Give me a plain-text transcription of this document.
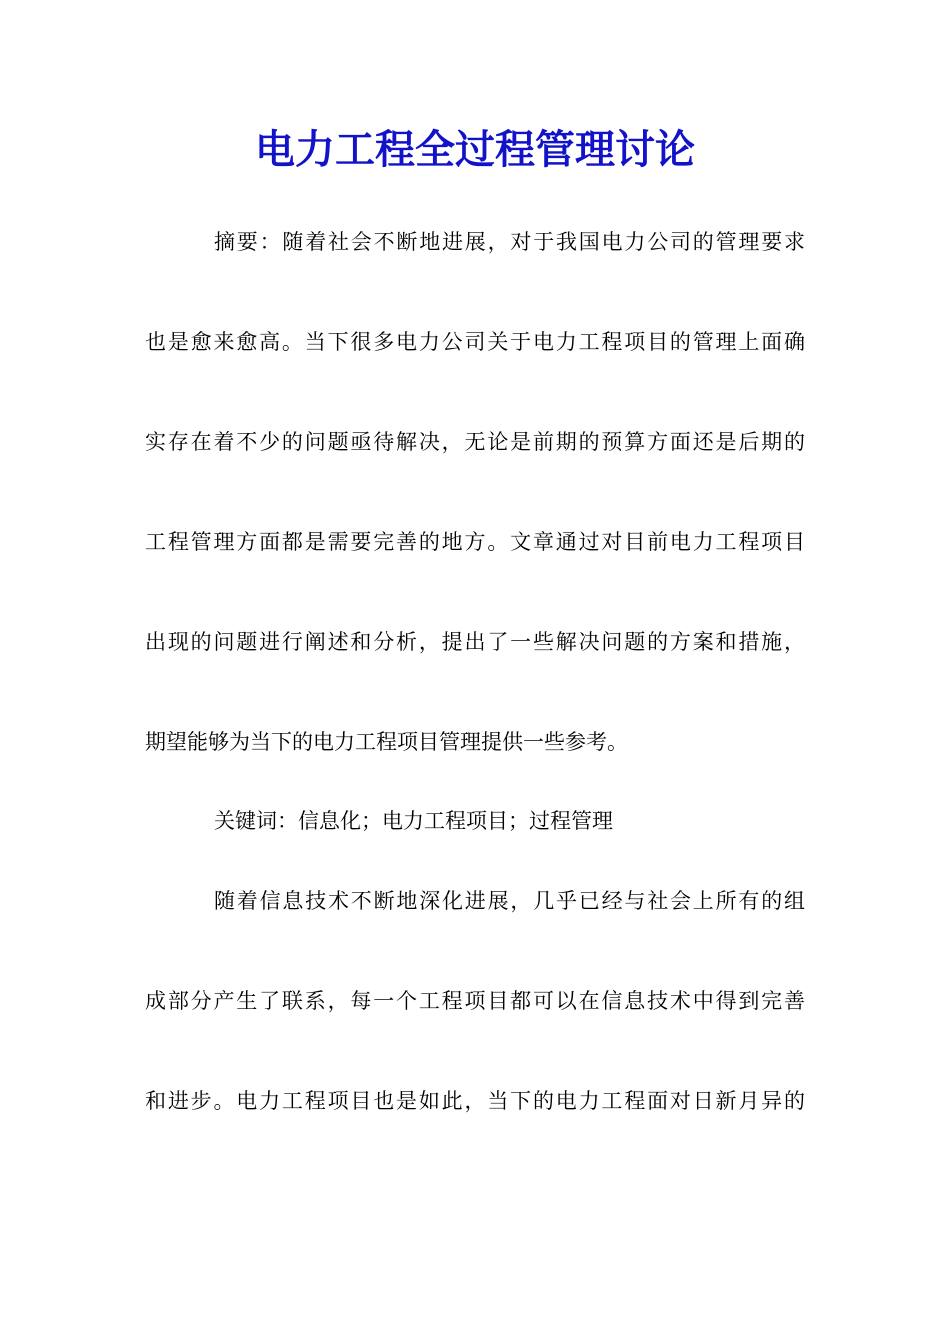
电力工程全过程管理讨论
摘要：随着社会不断地进展，对于我国电力公司的管理要求
也是愈来愈高。当下很多电力公司关于电力工程项目的管理上面确
实存在着不少的问题亟待解决，无论是前期的预算方面还是后期的
工程管理方面都是需要完善的地方。文章通过对目前电力工程项目
出现的问题进行阐述和分析，提出了一些解决问题的方案和措施，
期望能够为当下的电力工程项目管理提供一些参考。
关键词：信息化；电力工程项目；过程管理
随着信息技术不断地深化进展，几乎已经与社会上所有的组
成部分产生了联系，每一个工程项目都可以在信息技术中得到完善
和进步。电力工程项目也是如此，当下的电力工程面对日新月异的
